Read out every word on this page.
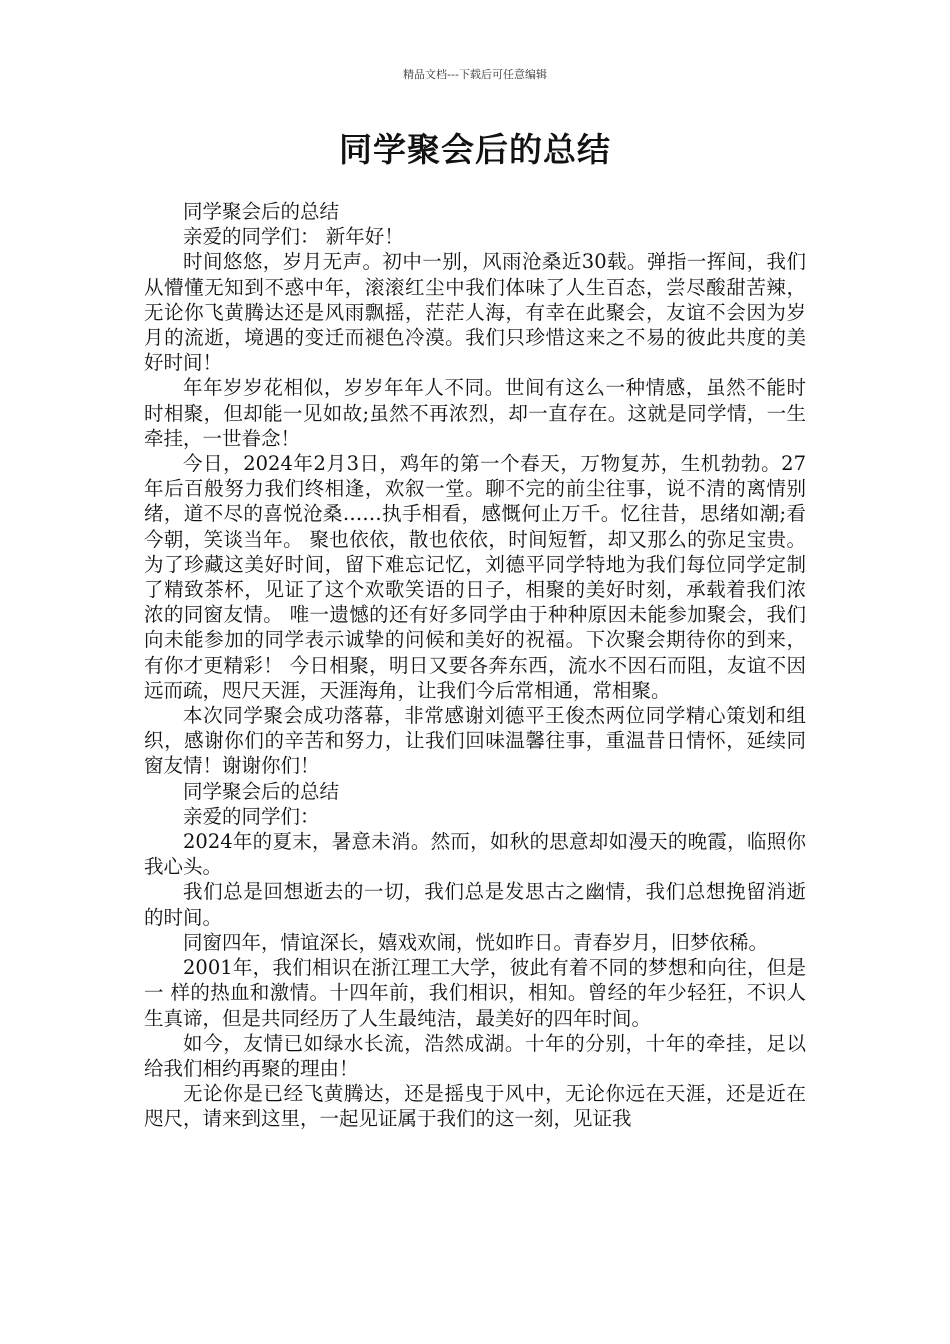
精品文档---下载后可任意编辑
同学聚会后的总结

同学聚会后的总结

亲爱的同学们： 新年好！

时间悠悠，岁月无声。初中一别，风雨沧桑近30载。弹指一挥间，我们从懵懂无知到不惑中年，滚滚红尘中我们体味了人生百态，尝尽酸甜苦辣，无论你飞黄腾达还是风雨飘摇，茫茫人海，有幸在此聚会，友谊不会因为岁月的流逝，境遇的变迁而褪色冷漠。我们只珍惜这来之不易的彼此共度的美好时间！

年年岁岁花相似，岁岁年年人不同。世间有这么一种情感，虽然不能时时相聚，但却能一见如故;虽然不再浓烈，却一直存在。这就是同学情，一生牵挂，一世眷念！

今日，2024年2月3日，鸡年的第一个春天，万物复苏，生机勃勃。27年后百般努力我们终相逢，欢叙一堂。聊不完的前尘往事，说不清的离情别绪，道不尽的喜悦沧桑……执手相看，感慨何止万千。忆往昔，思绪如潮;看今朝，笑谈当年。 聚也依依，散也依依，时间短暂，却又那么的弥足宝贵。为了珍藏这美好时间，留下难忘记忆，刘德平同学特地为我们每位同学定制了精致茶杯，见证了这个欢歌笑语的日子，相聚的美好时刻，承载着我们浓浓的同窗友情。 唯一遗憾的还有好多同学由于种种原因未能参加聚会，我们向未能参加的同学表示诚挚的问候和美好的祝福。下次聚会期待你的到来，有你才更精彩！ 今日相聚，明日又要各奔东西，流水不因石而阻，友谊不因远而疏，咫尺天涯，天涯海角，让我们今后常相通，常相聚。

本次同学聚会成功落幕，非常感谢刘德平王俊杰两位同学精心策划和组织，感谢你们的辛苦和努力，让我们回味温馨往事，重温昔日情怀，延续同窗友情！谢谢你们！

同学聚会后的总结

亲爱的同学们：

2024年的夏末，暑意未消。然而，如秋的思意却如漫天的晚霞，临照你我心头。

我们总是回想逝去的一切，我们总是发思古之幽情，我们总想挽留消逝的时间。

同窗四年，情谊深长，嬉戏欢闹，恍如昨日。青春岁月，旧梦依稀。

2001年，我们相识在浙江理工大学，彼此有着不同的梦想和向往，但是一 样的热血和激情。十四年前，我们相识，相知。曾经的年少轻狂，不识人生真谛，但是共同经历了人生最纯洁，最美好的四年时间。

如今，友情已如绿水长流，浩然成湖。十年的分别，十年的牵挂，足以给我们相约再聚的理由！

无论你是已经飞黄腾达，还是摇曳于风中，无论你远在天涯，还是近在咫尺，请来到这里，一起见证属于我们的这一刻，见证我
